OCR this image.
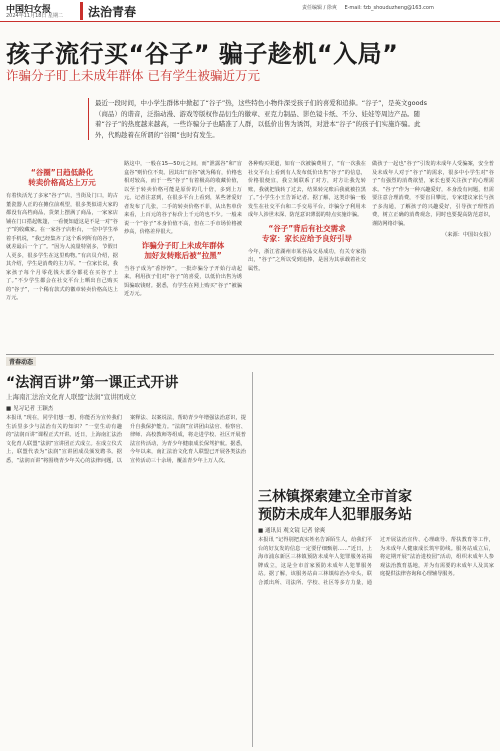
中国妇女报
2024年11月18日 星期二 法治青春	责任编辑 / 徐爽 E-mail: fzb_shouduzheng@163.com
孩子流行买“谷子” 骗子趁机“入局”
诈骗分子盯上未成年群体 已有学生被骗近万元
最近一段时间，中小学生群体中掀起了“谷子”热，这些特色小物件深受孩子们的喜爱和追捧。“谷子”，是英文goods（商品）的谐音，泛指动漫、游戏等版权作品衍生的徽章、亚克力制品、影色镜卡纸、不分、娃娃等周边产品。随着“谷子”的热度越来越高，一些诈骗分子也瞄准了人群，以低价出售为诱饵，对进本“谷子”的孩子们实施诈骗。此外，代购趁着在所谓的“谷圈”也时有发生。
“谷圈”日趋低龄化
转卖价格高达上万元
有着快活光了多家“谷子”店，当街及门口，的古董瓷器人正的在摊位前观望，很多类似请大家的都没有高档商品，货架上摆满了商品，一家家店铺在门口搭起帐篷，一看便知道这是不是一对“谷子”的收藏家。在一家谷子店柜台，一位中学生举着手机说，“我已经集齐了这个系列所有的谷子，就差最后一个了”。“因为人流量特别多，节假日人更多，很多学生在这里购物。”有店员介绍，据其介绍，学生是消费的主力军。“一位家长说，我家孩子每个月零花钱大部分都花在买谷子上了。”不少学生都会在社交平台上晒出自己购买的“谷子”，一个稀有款式的徽章转卖价格高达上万元。
路这中，一般在15—50元之间，而“泄露谷”和“盲盒谷”则价位不贵。因其出“盲谷”就为稀有，价格也相对较高，而于一些“谷子”有着极高的收藏价值，以至于转卖价格可能是原价的几十倍，多到上万元。记者注意到，在很多平台上看到，某些著爱好者发布了几张，二手的转卖价格不菲，从出售单价来看，上百元的谷子标价上千元的也不少。一般来说一个“谷子”本身价值不高，但在二手市场价格被炒高，价格差异很大。
诈骗分子盯上未成年群体
加好友转账后被“拉黑”
当谷子成为“香饽饽”，一批诈骗分子开始行动起来。利用孩子们对“谷子”的喜爱，以低价出售为诱饵骗取钱财。据悉，有学生在网上购买“谷子”被骗近万元。
各种购买渠道，如有一次被骗费用了，“有一次我在社交平台上看到有人发布低价出售“谷子”的信息，价格很便宜，我立刻联系了对方，对方让我先转账，我就把钱转了过去，结果转完账后我就被拉黑了。”小学生小王告诉记者。据了解，这类诈骗一般发生在社交平台和二手交易平台，诈骗分子利用未成年人涉世未深、防范意识薄弱的特点实施诈骗。
“谷子”背后有社交需求
专家：家长应给予良好引导
今年，浙江省湖州市某谷品交易成功，有关专家指出，“谷子”之所以受到追捧，是因为其承载着社交属性。
做孩子一起也“谷子”引发的未成年人受骗案，安全普及未成年人对于“谷子”的需求，很多中小学生对“谷子”有强烈的消费欲望，家长也要关注孩子的心理需求。“谷子”作为一种兴趣爱好，本身没有问题，但需要注意合理消费，不要盲目攀比，专家建议家长与孩子多沟通，了解孩子的兴趣爱好，引导孩子理性消费，树立正确的消费观念，同时也要提高防范意识，谨防网络诈骗。
（来源：中国妇女报）
青春动态
“法润百讲”第一课正式开讲
上海南汇法治文化育人联盟“法润”宣讲团成立
■ 见习记者 王颖杰
本报讯 “现在，同学们想一想，你能否为宣传我们生活里多少与法治有关的知识？”一堂生动有趣的“法润百讲”课程正式开讲。近日，上海南汇法治文化育人联盟“法润”宣讲团正式成立。在成立仪式上，联盟代表为“法润”宣讲团成员颁发聘书。据悉，“法润百讲”将围绕青少年关心的法律问题，以案释法、以案说法，帮助青少年增强法治意识，提升自我保护能力。“法润”宣讲团由法官、检察官、律师、高校教师等组成，将走进学校、社区开展普法宣传活动，为青少年健康成长保驾护航。据悉，今年以来，南汇法治文化育人联盟已开展各类法治宣传活动三十余场，覆盖青少年上万人次。
三林镇探索建立全市首家
预防未成年人犯罪服务站
■ 通讯员 观文镜 记者 徐爽
本报讯 “记得别把真实姓名告诉陌生人，给我们平台的好友发的信息一定要仔细甄别……”近日，上海市浦东新区三林镇预防未成年人犯罪服务站揭牌成立，这是全市首家预防未成年人犯罪服务站。据了解，该服务站由三林镇综治办牵头，联合派出所、司法所、学校、社区等多方力量，通过开展法治宣传、心理疏导、帮扶教育等工作，为未成年人健康成长筑牢防线。服务站成立后，将定期开展“法治进校园”活动，组织未成年人参观法治教育基地，并为有需要的未成年人及其家庭提供法律咨询和心理辅导服务。
